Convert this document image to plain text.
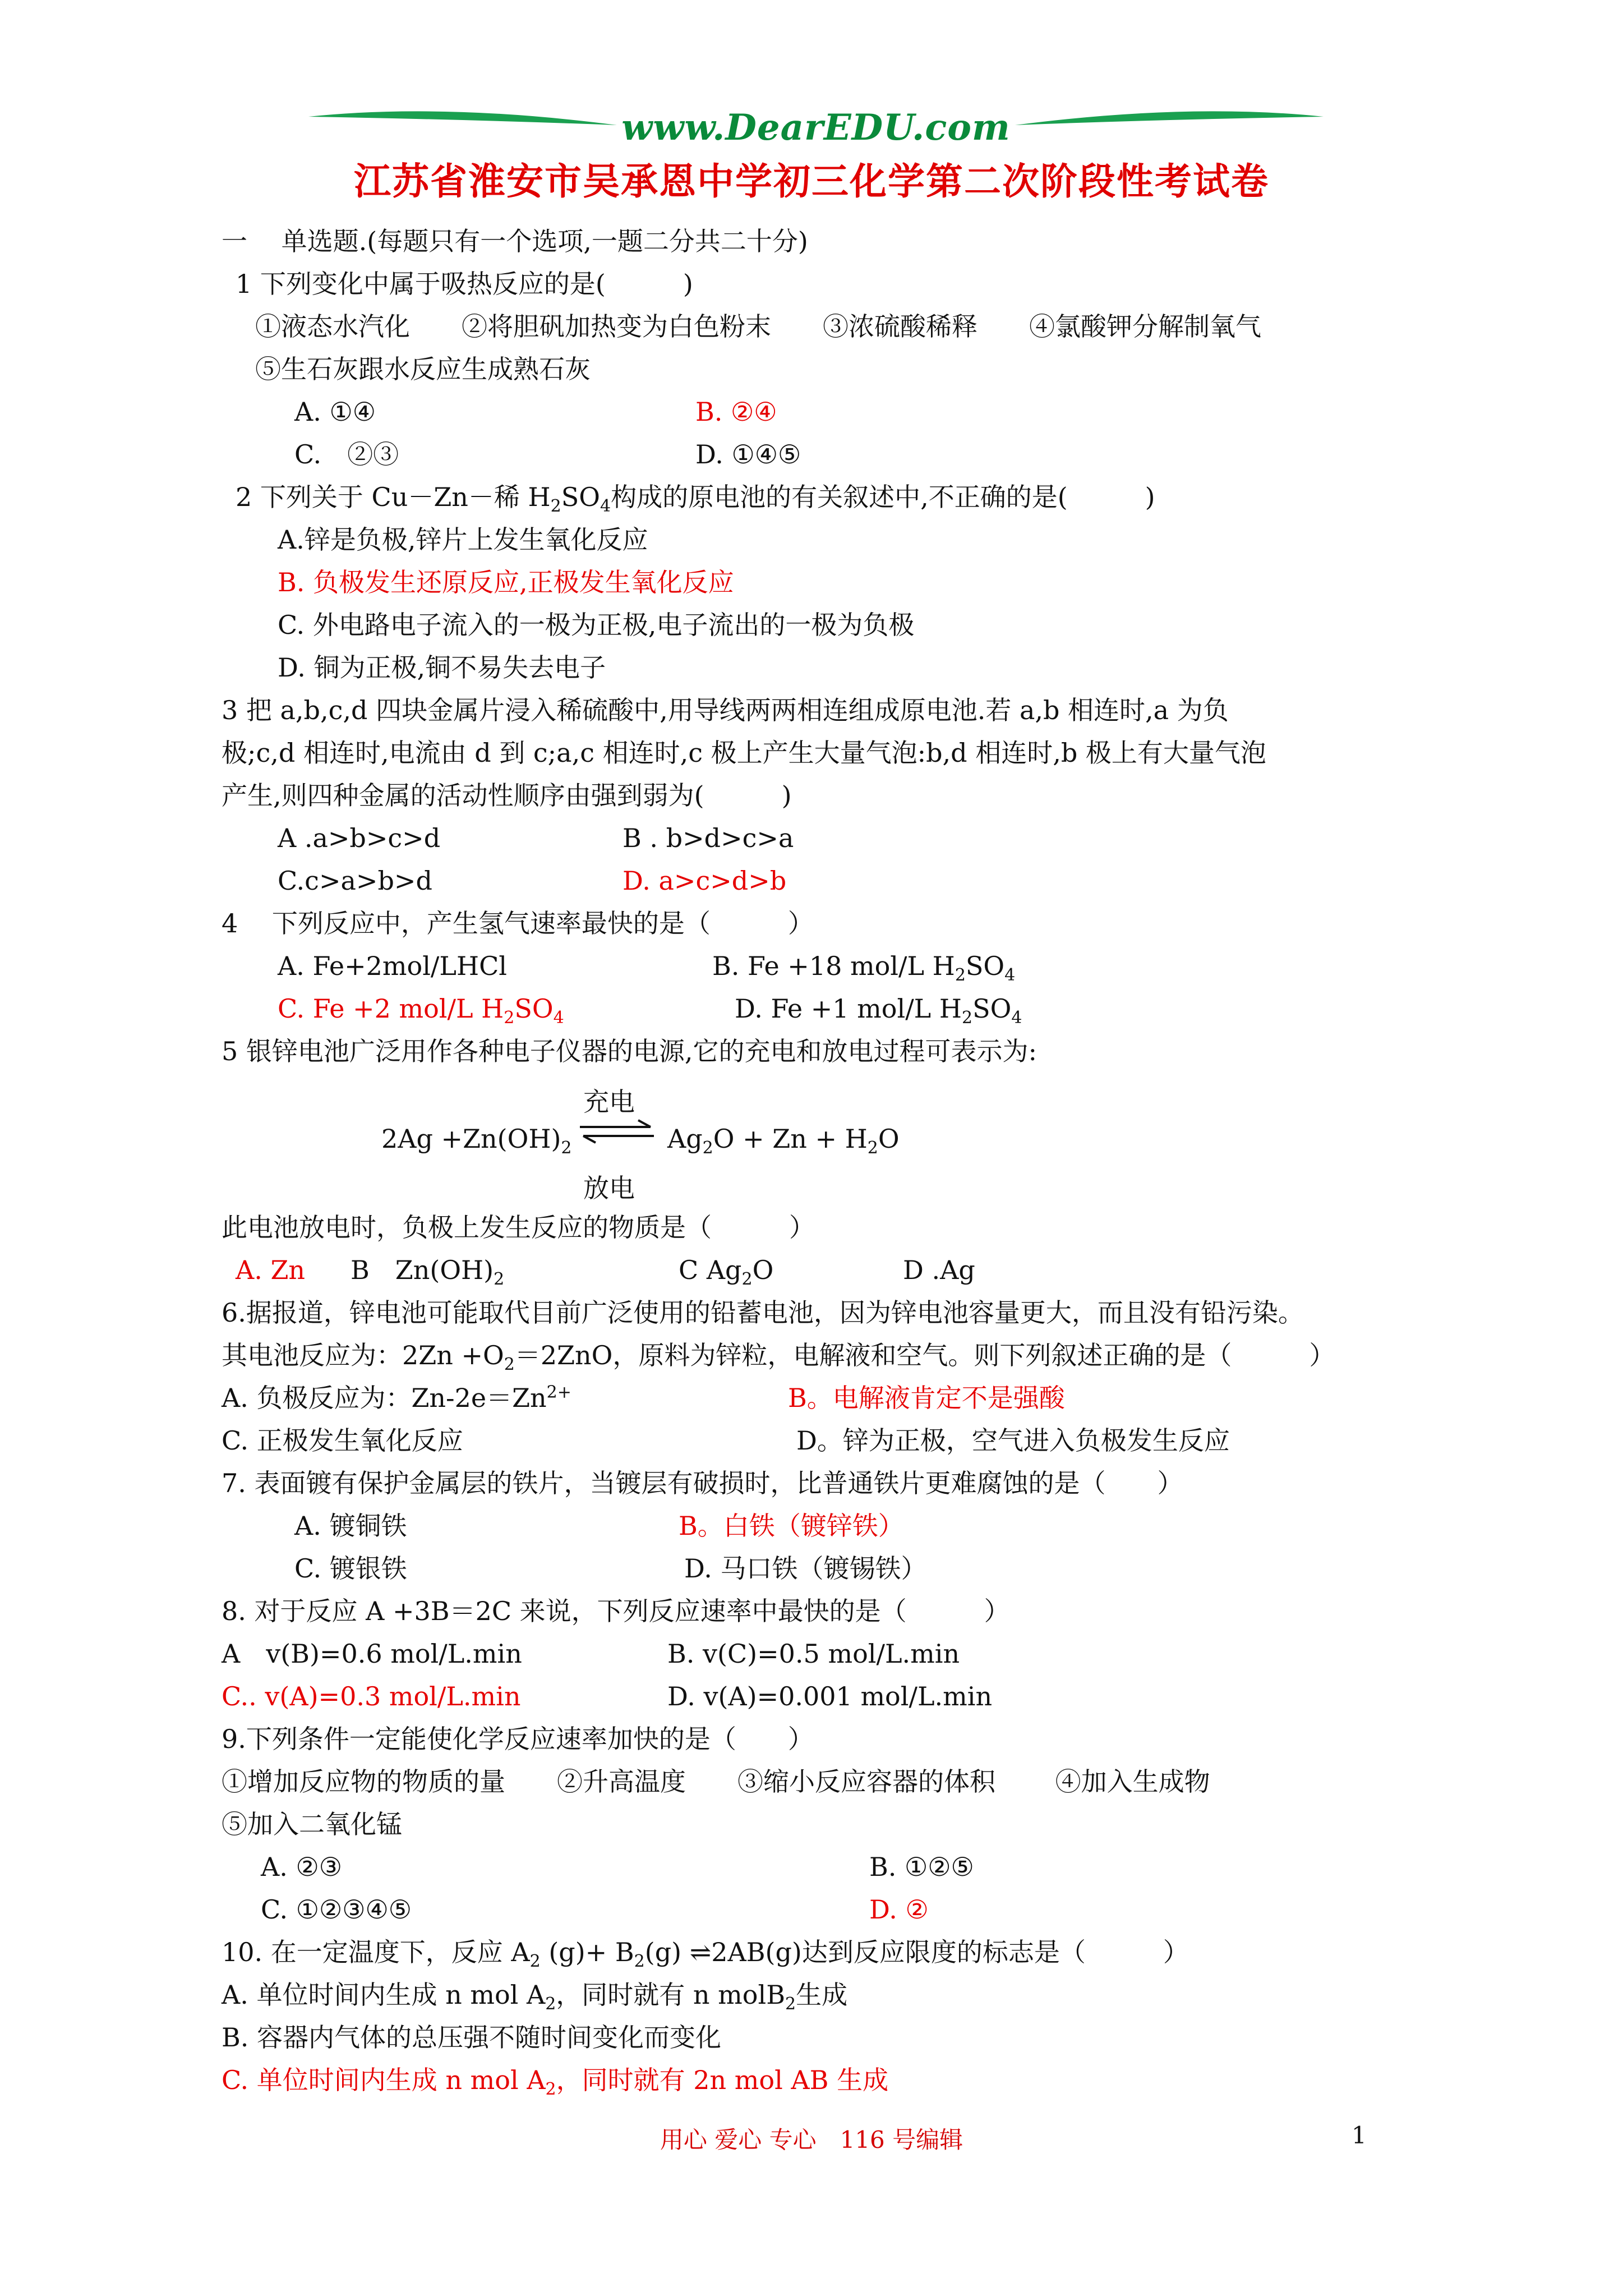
www.DearEDU.com
江苏省淮安市吴承恩中学初三化学第二次阶段性考试卷
一　 单选题.(每题只有一个选项,一题二分共二十分)
1 下列变化中属于吸热反应的是(　　　)
①液态水汽化　　②将胆矾加热变为白色粉末　　③浓硫酸稀释　　④氯酸钾分解制氧气
⑤生石灰跟水反应生成熟石灰
A. ①④	B. ②④
C.　②③	D. ①④⑤
2 下列关于 Cu－Zn－稀 $H_2SO_4$构成的原电池的有关叙述中,不正确的是(　　　)
A.锌是负极,锌片上发生氧化反应
B. 负极发生还原反应,正极发生氧化反应
C. 外电路电子流入的一极为正极,电子流出的一极为负极
D. 铜为正极,铜不易失去电子
3 把 a,b,c,d 四块金属片浸入稀硫酸中,用导线两两相连组成原电池.若 a,b 相连时,a 为负
极;c,d 相连时,电流由 d 到 c;a,c 相连时,c 极上产生大量气泡:b,d 相连时,b 极上有大量气泡
产生,则四种金属的活动性顺序由强到弱为(　　　)
A .a>b>c>d	B . b>d>c>a
C.c>a>b>d	D. a>c>d>b
4　 下列反应中，产生氢气速率最快的是（　　　）
A. Fe+2mol/LHCl	B. Fe +18 mol/L $H_2SO_4$
C. Fe +2 mol/L $H_2SO_4$	D. Fe +1 mol/L $H_2SO_4$
5 银锌电池广泛用作各种电子仪器的电源,它的充电和放电过程可表示为:
充电
$2Ag +Zn(OH)_2$	$Ag_2O + Zn + H_2O$
放电
此电池放电时，负极上发生反应的物质是（　　　）
A. Zn B　$Zn(OH)_2$	C $Ag_2O$	D .Ag
6.据报道，锌电池可能取代目前广泛使用的铅蓄电池，因为锌电池容量更大，而且没有铅污染。
其电池反应为：$2Zn +O_2=2ZnO$，原料为锌粒，电解液和空气。则下列叙述正确的是（　　　）
A. 负极反应为：$Zn-2e=Zn^{2+}$	B。电解液肯定不是强酸
C. 正极发生氧化反应	D。锌为正极，空气进入负极发生反应
7. 表面镀有保护金属层的铁片，当镀层有破损时，比普通铁片更难腐蚀的是（　　）
A. 镀铜铁	B。白铁（镀锌铁）
C. 镀银铁	D. 马口铁（镀锡铁）
8. 对于反应 A +3B＝2C 来说，下列反应速率中最快的是（　　　）
A　v(B)=0.6 mol/L.min	B. v(C)=0.5 mol/L.min
C.. v(A)=0.3 mol/L.min	D. v(A)=0.001 mol/L.min
9.下列条件一定能使化学反应速率加快的是（　　）
①增加反应物的物质的量　　②升高温度　　③缩小反应容器的体积　　 ④加入生成物
⑤加入二氧化锰
A. ②③	B. ①②⑤
C. ①②③④⑤	D. ②
10. 在一定温度下，反应 $A_2$ $(g)+ B_2(g)$ ⇌2AB(g)达到反应限度的标志是（　　　）
A. 单位时间内生成 n mol $A_2$，同时就有 n molB$_2$生成
B. 容器内气体的总压强不随时间变化而变化
C. 单位时间内生成 n mol $A_2$，同时就有 2n mol AB 生成
用心 爱心 专心　116 号编辑	1
